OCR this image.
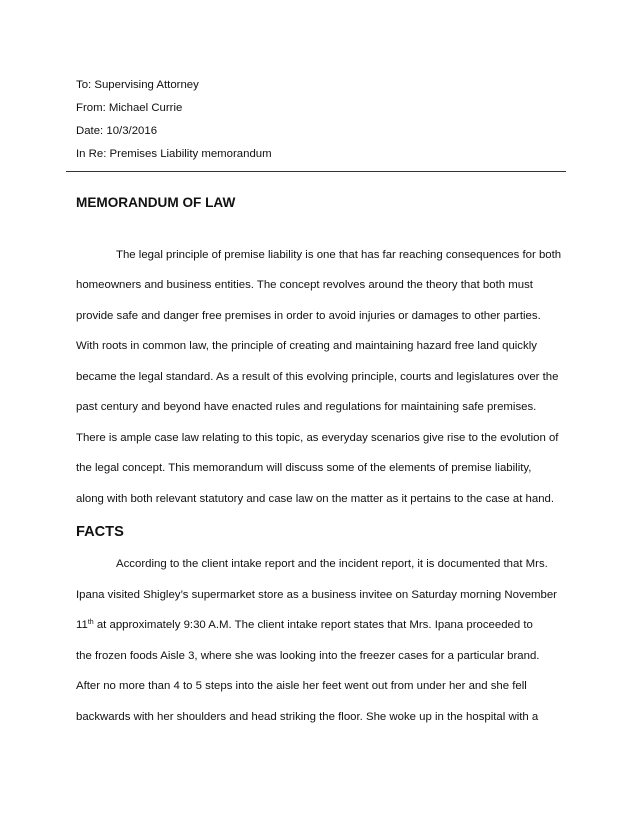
To: Supervising Attorney
From: Michael Currie
Date: 10/3/2016
In Re: Premises Liability memorandum
MEMORANDUM OF LAW
The legal principle of premise liability is one that has far reaching consequences for both
homeowners and business entities. The concept revolves around the theory that both must
provide safe and danger free premises in order to avoid injuries or damages to other parties.
With roots in common law, the principle of creating and maintaining hazard free land quickly
became the legal standard. As a result of this evolving principle, courts and legislatures over the
past century and beyond have enacted rules and regulations for maintaining safe premises.
There is ample case law relating to this topic, as everyday scenarios give rise to the evolution of
the legal concept. This memorandum will discuss some of the elements of premise liability,
along with both relevant statutory and case law on the matter as it pertains to the case at hand.
FACTS
According to the client intake report and the incident report, it is documented that Mrs.
Ipana visited Shigley’s supermarket store as a business invitee on Saturday morning November
11th at approximately 9:30 A.M. The client intake report states that Mrs. Ipana proceeded to
the frozen foods Aisle 3, where she was looking into the freezer cases for a particular brand.
After no more than 4 to 5 steps into the aisle her feet went out from under her and she fell
backwards with her shoulders and head striking the floor. She woke up in the hospital with a
